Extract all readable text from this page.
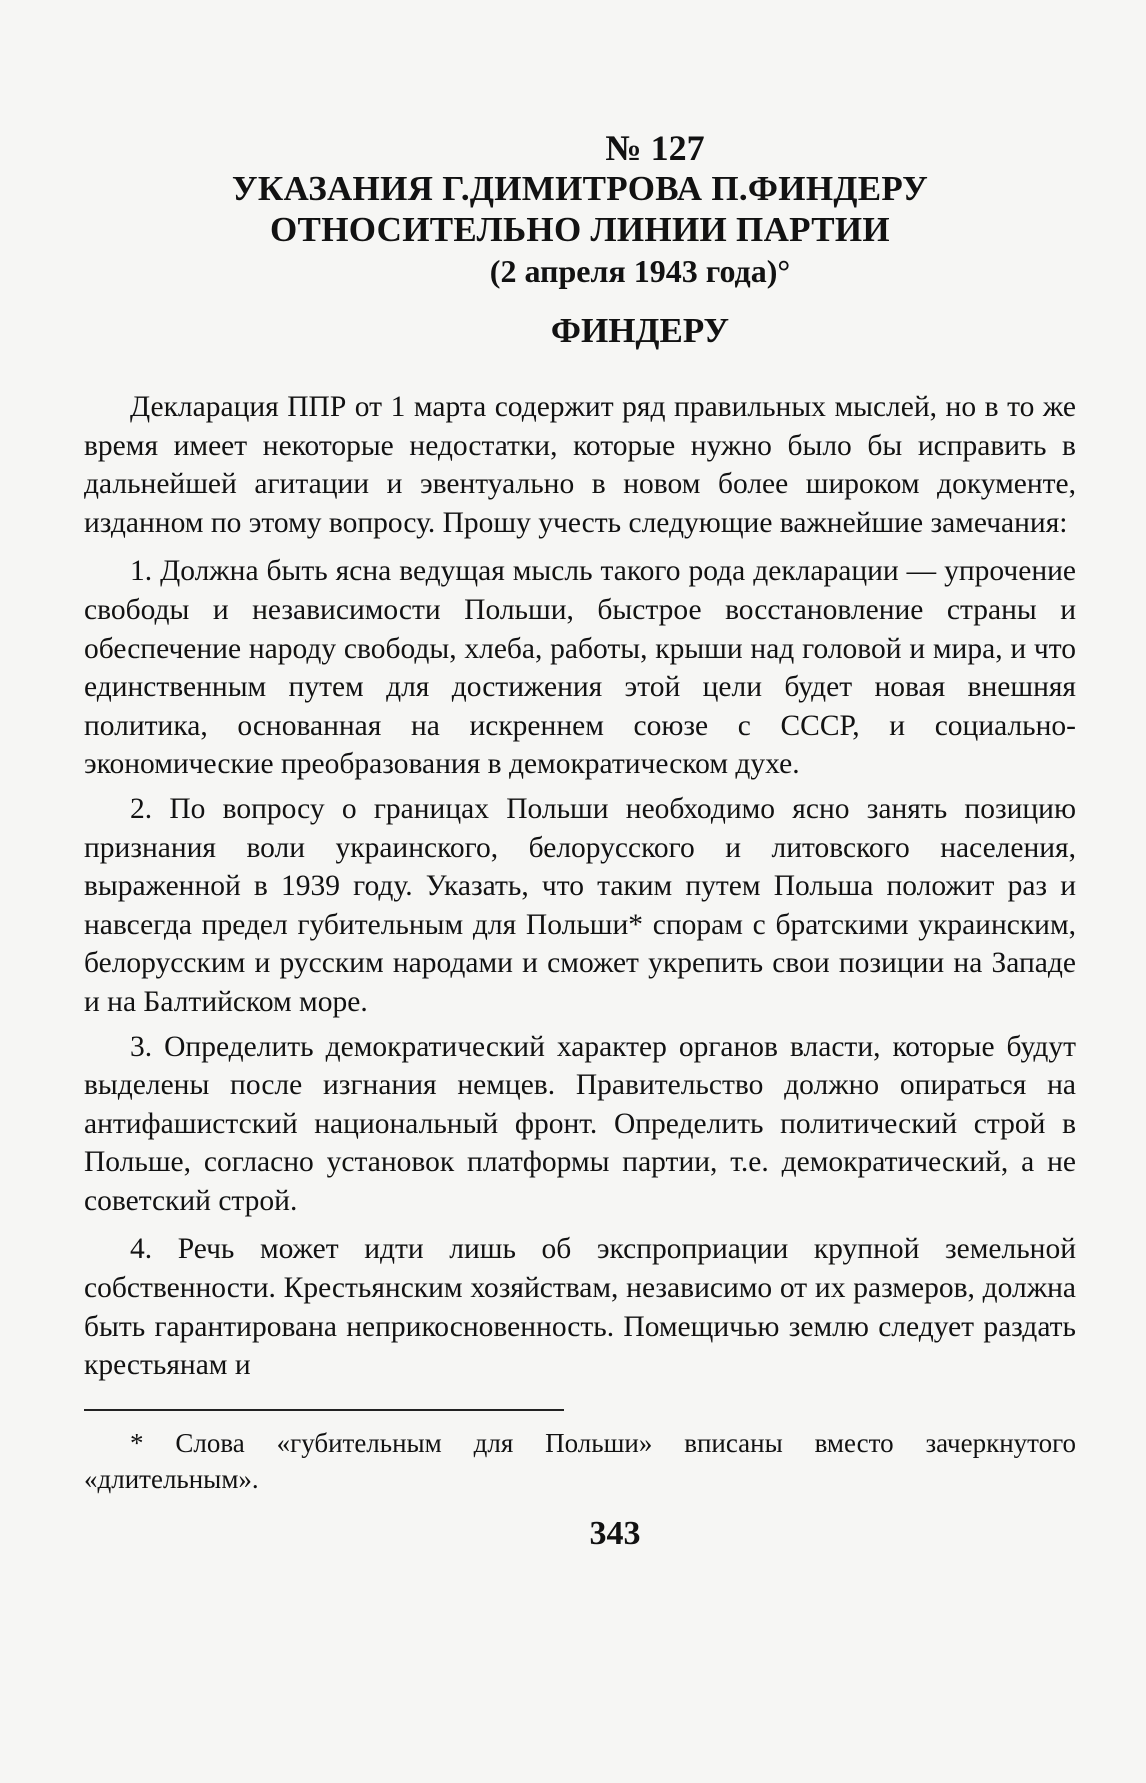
№ 127

УКАЗАНИЯ Г.ДИМИТРОВА П.ФИНДЕРУ

ОТНОСИТЕЛЬНО ЛИНИИ ПАРТИИ

(2 апреля 1943 года)°

ФИНДЕРУ

Декларация ППР от 1 марта содержит ряд правильных мыслей, но в то же время имеет некоторые недостатки, которые нужно было бы исправить в дальнейшей агитации и эвентуально в новом более широком документе, изданном по этому вопросу. Прошу учесть следующие важнейшие замечания:

1. Должна быть ясна ведущая мысль такого рода декларации — упрочение свободы и независимости Польши, быстрое восстановление страны и обеспечение народу свободы, хлеба, работы, крыши над головой и мира, и что единственным путем для достижения этой цели будет новая внешняя политика, основанная на искреннем союзе с СССР, и социально-экономические преобразования в демократическом духе.

2. По вопросу о границах Польши необходимо ясно занять позицию признания воли украинского, белорусского и литовского населения, выраженной в 1939 году. Указать, что таким путем Польша положит раз и навсегда предел губительным для Польши* спорам с братскими украинским, белорусским и русским народами и сможет укрепить свои позиции на Западе и на Балтийском море.

3. Определить демократический характер органов власти, которые будут выделены после изгнания немцев. Правительство должно опираться на антифашистский национальный фронт. Определить политический строй в Польше, согласно установок платформы партии, т.е. демократический, а не советский строй.

4. Речь может идти лишь об экспроприации крупной земельной собственности. Крестьянским хозяйствам, независимо от их размеров, должна быть гарантирована неприкосновенность. Помещичью землю следует раздать крестьянам и

* Слова «губительным для Польши» вписаны вместо зачеркнутого «длительным».

343
